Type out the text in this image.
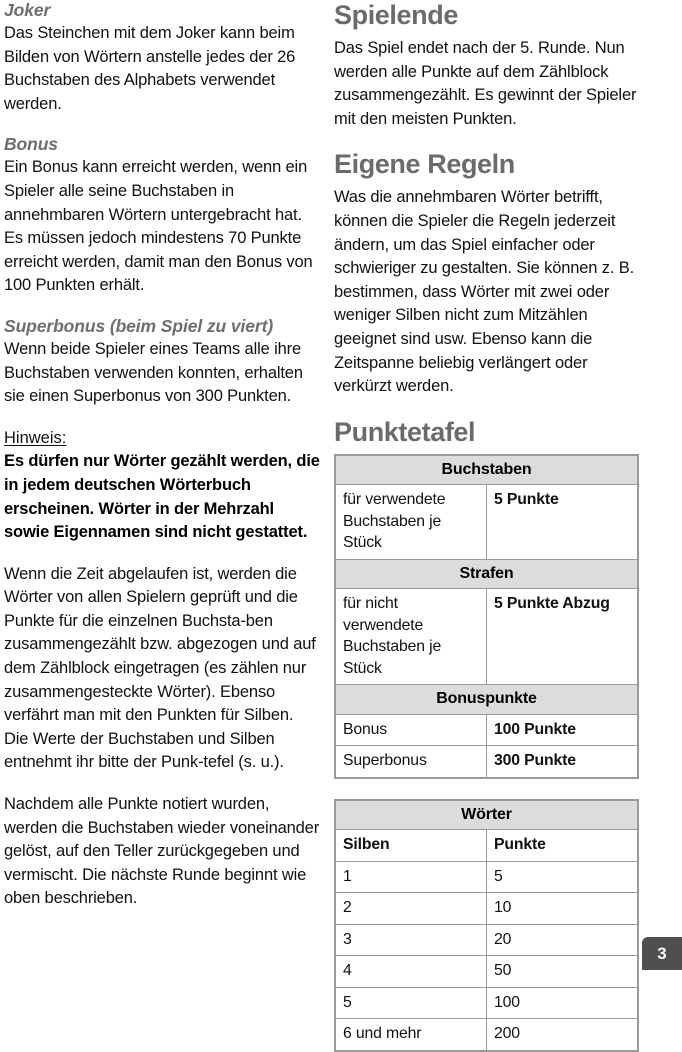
Joker

Das Steinchen mit dem Joker kann beim Bilden von Wörtern anstelle jedes der 26 Buchstaben des Alphabets verwendet werden.

Bonus

Ein Bonus kann erreicht werden, wenn ein Spieler alle seine Buchstaben in annehmbaren Wörtern untergebracht hat. Es müssen jedoch mindestens 70 Punkte erreicht werden, damit man den Bonus von 100 Punkten erhält.

Superbonus (beim Spiel zu viert)

Wenn beide Spieler eines Teams alle ihre Buchstaben verwenden konnten, erhalten sie einen Superbonus von 300 Punkten.

Hinweis:

Es dürfen nur Wörter gezählt werden, die in jedem deutschen Wörterbuch erscheinen. Wörter in der Mehrzahl sowie Eigennamen sind nicht gestattet.

Wenn die Zeit abgelaufen ist, werden die Wörter von allen Spielern geprüft und die Punkte für die einzelnen Buchsta-ben zusammengezählt bzw. abgezogen und auf dem Zählblock eingetragen (es zählen nur zusammengesteckte Wörter). Ebenso verfährt man mit den Punkten für Silben. Die Werte der Buchstaben und Silben entnehmt ihr bitte der Punk-tefel (s. u.).

Nachdem alle Punkte notiert wurden, werden die Buchstaben wieder voneinander gelöst, auf den Teller zurückgegeben und vermischt. Die nächste Runde beginnt wie oben beschrieben.

Spielende

Das Spiel endet nach der 5. Runde. Nun werden alle Punkte auf dem Zählblock zusammengezählt. Es gewinnt der Spieler mit den meisten Punkten.

Eigene Regeln

Was die annehmbaren Wörter betrifft, können die Spieler die Regeln jederzeit ändern, um das Spiel einfacher oder schwieriger zu gestalten. Sie können z. B. bestimmen, dass Wörter mit zwei oder weniger Silben nicht zum Mitzählen geeignet sind usw. Ebenso kann die Zeitspanne beliebig verlängert oder verkürzt werden.

Punktetafel
Buchstaben	
für verwendete Buchstaben je Stück	5 Punkte
Strafen	
für nicht verwendete Buchstaben je Stück	5 Punkte Abzug
Bonuspunkte	
Bonus	100 Punkte
Superbonus	300 Punkte
Wörter	
Silben	Punkte
1	5
2	10
3	20
4	50
5	100
6 und mehr	200
3
